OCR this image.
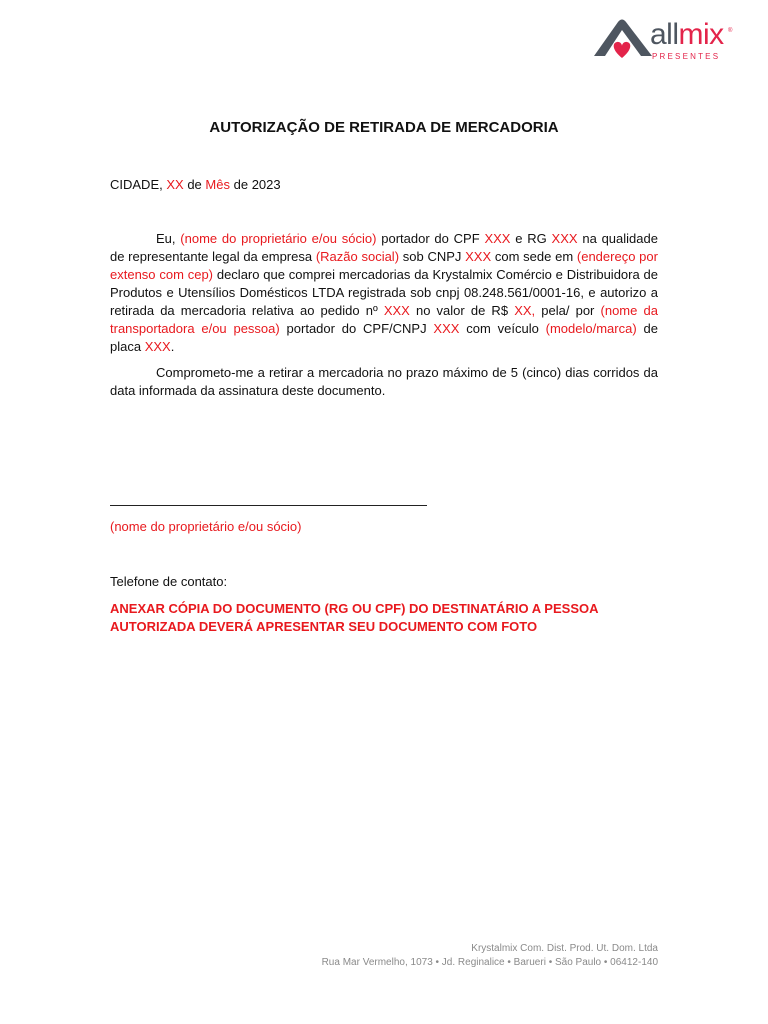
allmix ®
PRESENTES
AUTORIZAÇÃO DE RETIRADA DE MERCADORIA
CIDADE, XX de Mês de 2023
Eu, (nome do proprietário e/ou sócio) portador do CPF XXX e RG XXX na qualidade de representante legal da empresa (Razão social) sob CNPJ XXX com sede em (endereço por extenso com cep) declaro que comprei mercadorias da Krystalmix Comércio e Distribuidora de Produtos e Utensílios Domésticos LTDA registrada sob cnpj 08.248.561/0001-16, e autorizo a retirada da mercadoria relativa ao pedido nº XXX no valor de R$ XX, pela/ por (nome da transportadora e/ou pessoa) portador do CPF/CNPJ XXX com veículo (modelo/marca) de placa XXX.
Comprometo-me a retirar a mercadoria no prazo máximo de 5 (cinco) dias corridos da data informada da assinatura deste documento.
(nome do proprietário e/ou sócio)
Telefone de contato:
ANEXAR CÓPIA DO DOCUMENTO (RG OU CPF) DO DESTINATÁRIO A PESSOA AUTORIZADA DEVERÁ APRESENTAR SEU DOCUMENTO COM FOTO
Krystalmix Com. Dist. Prod. Ut. Dom. Ltda
Rua Mar Vermelho, 1073 • Jd. Reginalice • Barueri • São Paulo • 06412-140
